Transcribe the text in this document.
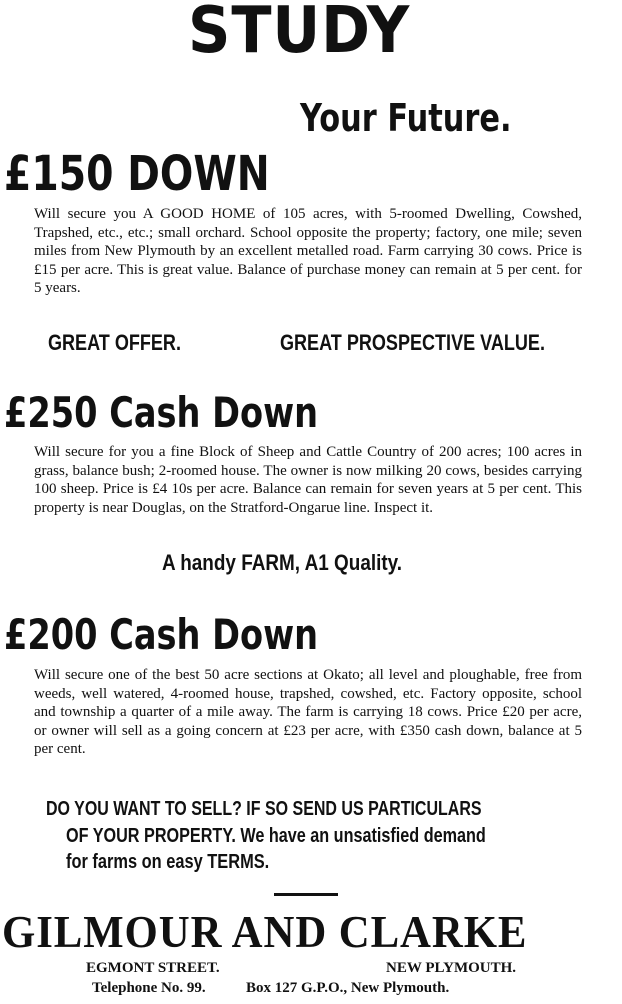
STUDY
Your Future.
£150 DOWN

Will secure you A GOOD HOME of 105 acres, with 5-roomed Dwelling, Cowshed, Trapshed, etc., etc.; small orchard. School opposite the property; factory, one mile; seven miles from New Plymouth by an excellent metalled road. Farm carrying 30 cows. Price is £15 per acre. This is great value. Balance of purchase money can remain at 5 per cent. for 5 years.

GREAT OFFER.	GREAT PROSPECTIVE VALUE.
£250 Cash Down

Will secure for you a fine Block of Sheep and Cattle Country of 200 acres; 100 acres in grass, balance bush; 2-roomed house. The owner is now milking 20 cows, besides carrying 100 sheep. Price is £4 10s per acre. Balance can remain for seven years at 5 per cent. This property is near Douglas, on the Stratford-Ongarue line. Inspect it.

A handy FARM, A1 Quality.
£200 Cash Down

Will secure one of the best 50 acre sections at Okato; all level and ploughable, free from weeds, well watered, 4-roomed house, trapshed, cowshed, etc. Factory opposite, school and township a quarter of a mile away. The farm is carrying 18 cows. Price £20 per acre, or owner will sell as a going concern at £23 per acre, with £350 cash down, balance at 5 per cent.

DO YOU WANT TO SELL? IF SO SEND US PARTICULARS
OF YOUR PROPERTY. We have an unsatisfied demand
for farms on easy TERMS.
GILMOUR AND CLARKE
EGMONT STREET.	NEW PLYMOUTH.
Telephone No. 99.	Box 127 G.P.O., New Plymouth.
